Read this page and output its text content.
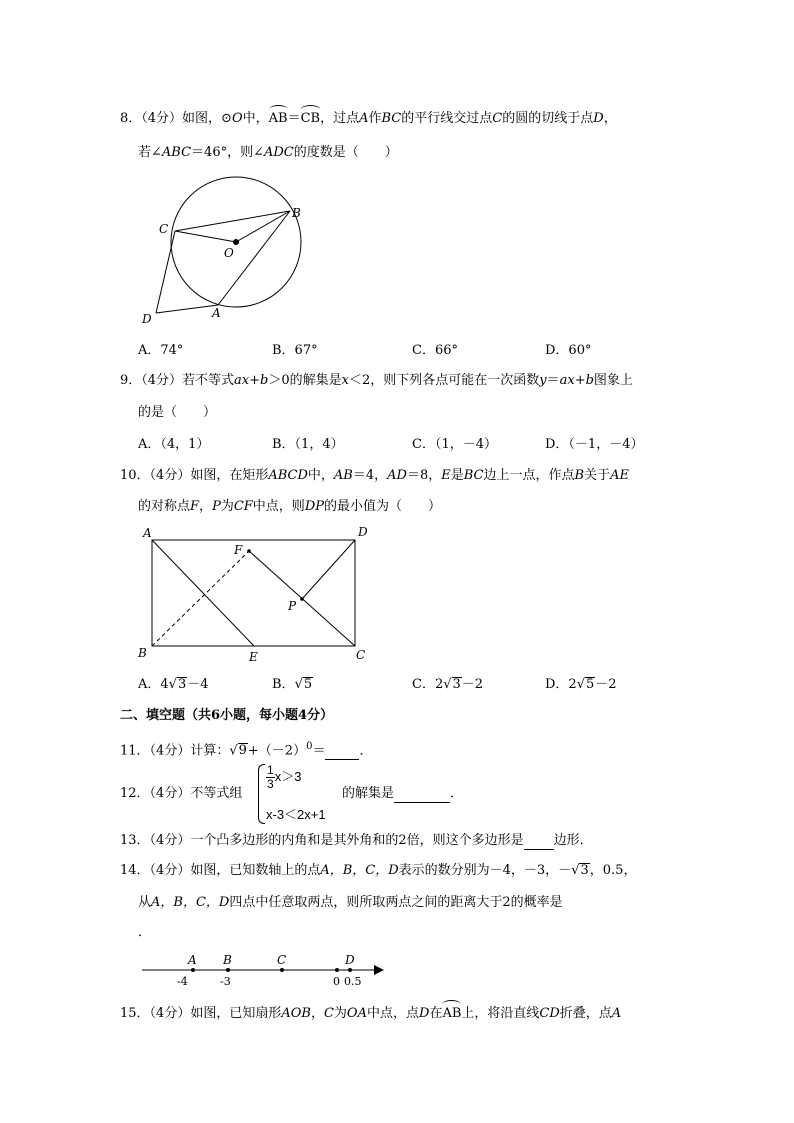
8．（4分）如图，⊙O中，AB＝CB，过点A作BC的平行线交过点C的圆的切线于点D，
若∠ABC＝46°，则∠ADC的度数是（　　）
C
B
O
D	A
A．74°	B．67°	C．66°	D．60°
9．（4分）若不等式ax+b＞0的解集是x＜2，则下列各点可能在一次函数y＝ax+b图象上
的是（　　）
A．（4，1）	B．（1，4）	C．（1，－4）	D．（－1，－4）
10．（4分）如图，在矩形ABCD中，AB＝4，AD＝8，E是BC边上一点，作点B关于AE
的对称点F，P为CF中点，则DP的最小值为（　　）
A	D
F
P
B	E	C
A．4√3－4	B．√5	C．2√3－2	D．2√5－2
二、填空题（共6小题，每小题4分）
11．（4分）计算：$√9+(-2)^0=$	．
12．（4分）不等式组
$\frac{1}{3} x>3$
x-3＜2x+1
的解集是	．
13．（4分）一个凸多边形的内角和是其外角和的2倍，则这个多边形是 边形．
14．（4分）如图，已知数轴上的点A，B，C，D表示的数分别为－4，－3，－√3，0.5，
从A，B，C，D四点中任意取两点，则所取两点之间的距离大于2的概率是
．
A B	C	D
-4	-3	0 0.5
15．（4分）如图，已知扇形AOB，C为OA中点，点D在AB上，将沿直线CD折叠，点A
